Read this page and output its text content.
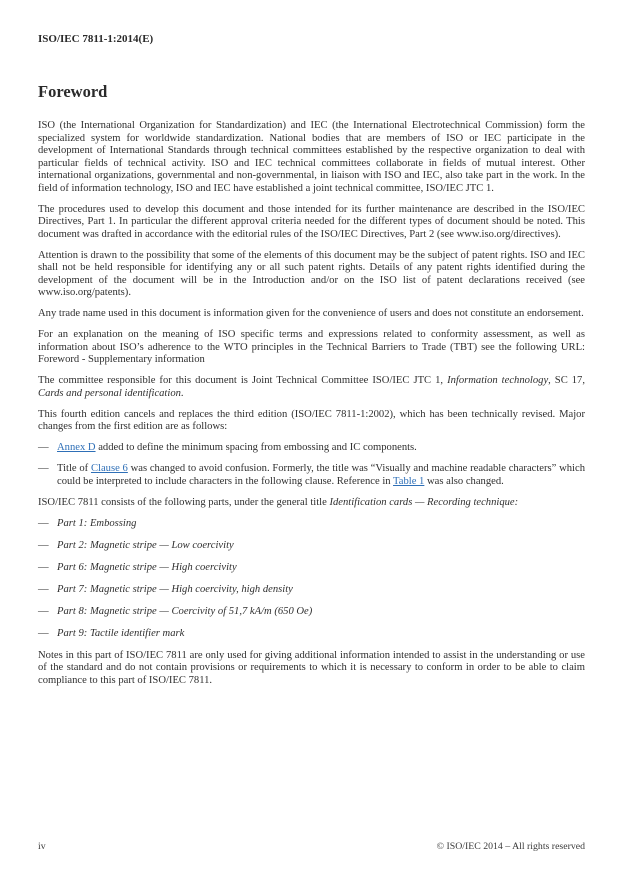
ISO/IEC 7811-1:2014(E)
Foreword

ISO (the International Organization for Standardization) and IEC (the International Electrotechnical Commission) form the specialized system for worldwide standardization. National bodies that are members of ISO or IEC participate in the development of International Standards through technical committees established by the respective organization to deal with particular fields of technical activity. ISO and IEC technical committees collaborate in fields of mutual interest. Other international organizations, governmental and non-governmental, in liaison with ISO and IEC, also take part in the work. In the field of information technology, ISO and IEC have established a joint technical committee, ISO/IEC JTC 1.

The procedures used to develop this document and those intended for its further maintenance are described in the ISO/IEC Directives, Part 1. In particular the different approval criteria needed for the different types of document should be noted. This document was drafted in accordance with the editorial rules of the ISO/IEC Directives, Part 2 (see www.iso.org/directives).

Attention is drawn to the possibility that some of the elements of this document may be the subject of patent rights. ISO and IEC shall not be held responsible for identifying any or all such patent rights. Details of any patent rights identified during the development of the document will be in the Introduction and/or on the ISO list of patent declarations received (see www.iso.org/patents).

Any trade name used in this document is information given for the convenience of users and does not constitute an endorsement.

For an explanation on the meaning of ISO specific terms and expressions related to conformity assessment, as well as information about ISO’s adherence to the WTO principles in the Technical Barriers to Trade (TBT) see the following URL: Foreword - Supplementary information

The committee responsible for this document is Joint Technical Committee ISO/IEC JTC 1, Information technology, SC 17, Cards and personal identification.

This fourth edition cancels and replaces the third edition (ISO/IEC 7811-1:2002), which has been technically revised. Major changes from the first edition are as follows:

— Annex D added to define the minimum spacing from embossing and IC components.
— Title of Clause 6 was changed to avoid confusion. Formerly, the title was “Visually and machine readable characters” which could be interpreted to include characters in the following clause. Reference in Table 1 was also changed.

ISO/IEC 7811 consists of the following parts, under the general title Identification cards — Recording technique:

— Part 1: Embossing
— Part 2: Magnetic stripe — Low coercivity
— Part 6: Magnetic stripe — High coercivity
— Part 7: Magnetic stripe — High coercivity, high density
— Part 8: Magnetic stripe — Coercivity of 51,7 kA/m (650 Oe)
— Part 9: Tactile identifier mark

Notes in this part of ISO/IEC 7811 are only used for giving additional information intended to assist in the understanding or use of the standard and do not contain provisions or requirements to which it is necessary to conform in order to be able to claim compliance to this part of ISO/IEC 7811.

iv	© ISO/IEC 2014 – All rights reserved
